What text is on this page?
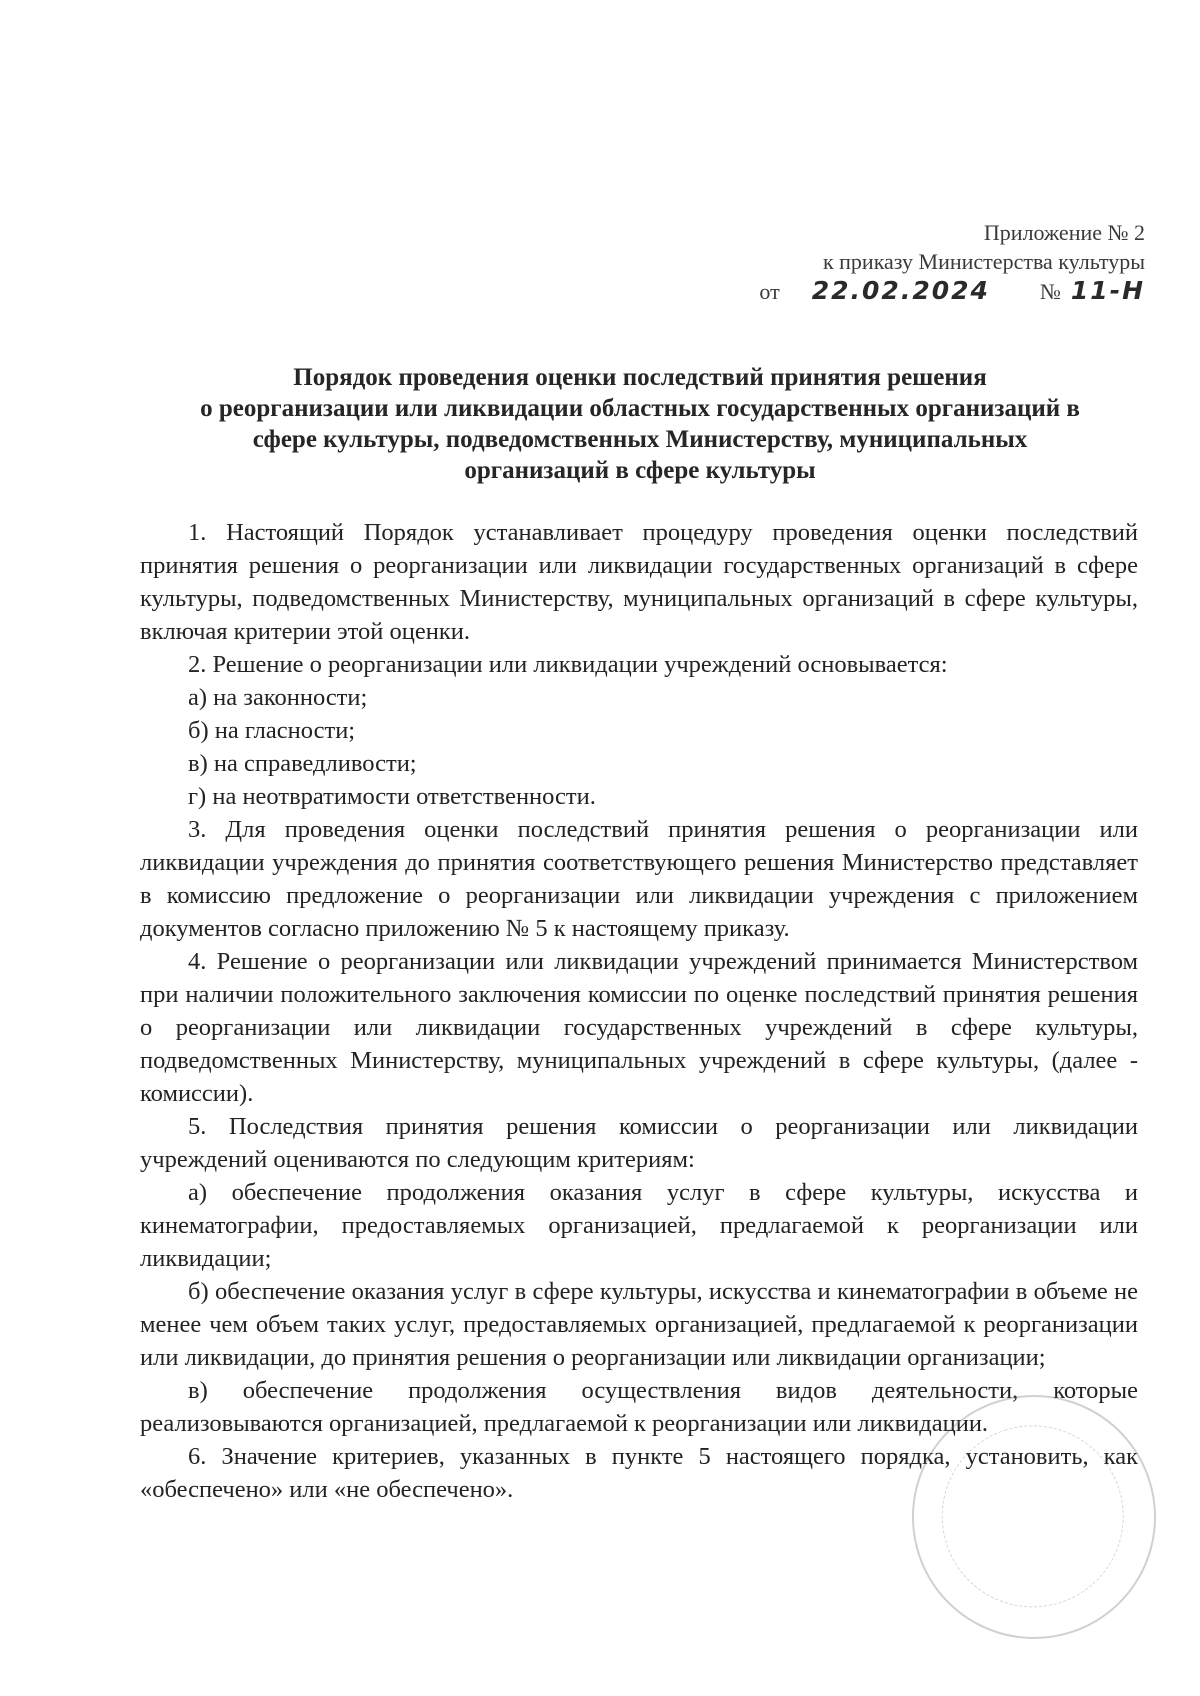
Приложение № 2
к приказу Министерства культуры
от 22.02.2024 № 11-Н
Порядок проведения оценки последствий принятия решения
о реорганизации или ликвидации областных государственных организаций в
сфере культуры, подведомственных Министерству, муниципальных
организаций в сфере культуры

1. Настоящий Порядок устанавливает процедуру проведения оценки последствий принятия решения о реорганизации или ликвидации государственных организаций в сфере культуры, подведомственных Министерству, муниципальных организаций в сфере культуры, включая критерии этой оценки.

2. Решение о реорганизации или ликвидации учреждений основывается:

а) на законности;

б) на гласности;

в) на справедливости;

г) на неотвратимости ответственности.

3. Для проведения оценки последствий принятия решения о реорганизации или ликвидации учреждения до принятия соответствующего решения Министерство представляет в комиссию предложение о реорганизации или ликвидации учреждения с приложением документов согласно приложению № 5 к настоящему приказу.

4. Решение о реорганизации или ликвидации учреждений принимается Министерством при наличии положительного заключения комиссии по оценке последствий принятия решения о реорганизации или ликвидации государственных учреждений в сфере культуры, подведомственных Министерству, муниципальных учреждений в сфере культуры, (далее - комиссии).

5. Последствия принятия решения комиссии о реорганизации или ликвидации учреждений оцениваются по следующим критериям:

а) обеспечение продолжения оказания услуг в сфере культуры, искусства и кинематографии, предоставляемых организацией, предлагаемой к реорганизации или ликвидации;

б) обеспечение оказания услуг в сфере культуры, искусства и кинематографии в объеме не менее чем объем таких услуг, предоставляемых организацией, предлагаемой к реорганизации или ликвидации, до принятия решения о реорганизации или ликвидации организации;

в) обеспечение продолжения осуществления видов деятельности, которые реализовываются организацией, предлагаемой к реорганизации или ликвидации.

6. Значение критериев, указанных в пункте 5 настоящего порядка, установить, как «обеспечено» или «не обеспечено».
